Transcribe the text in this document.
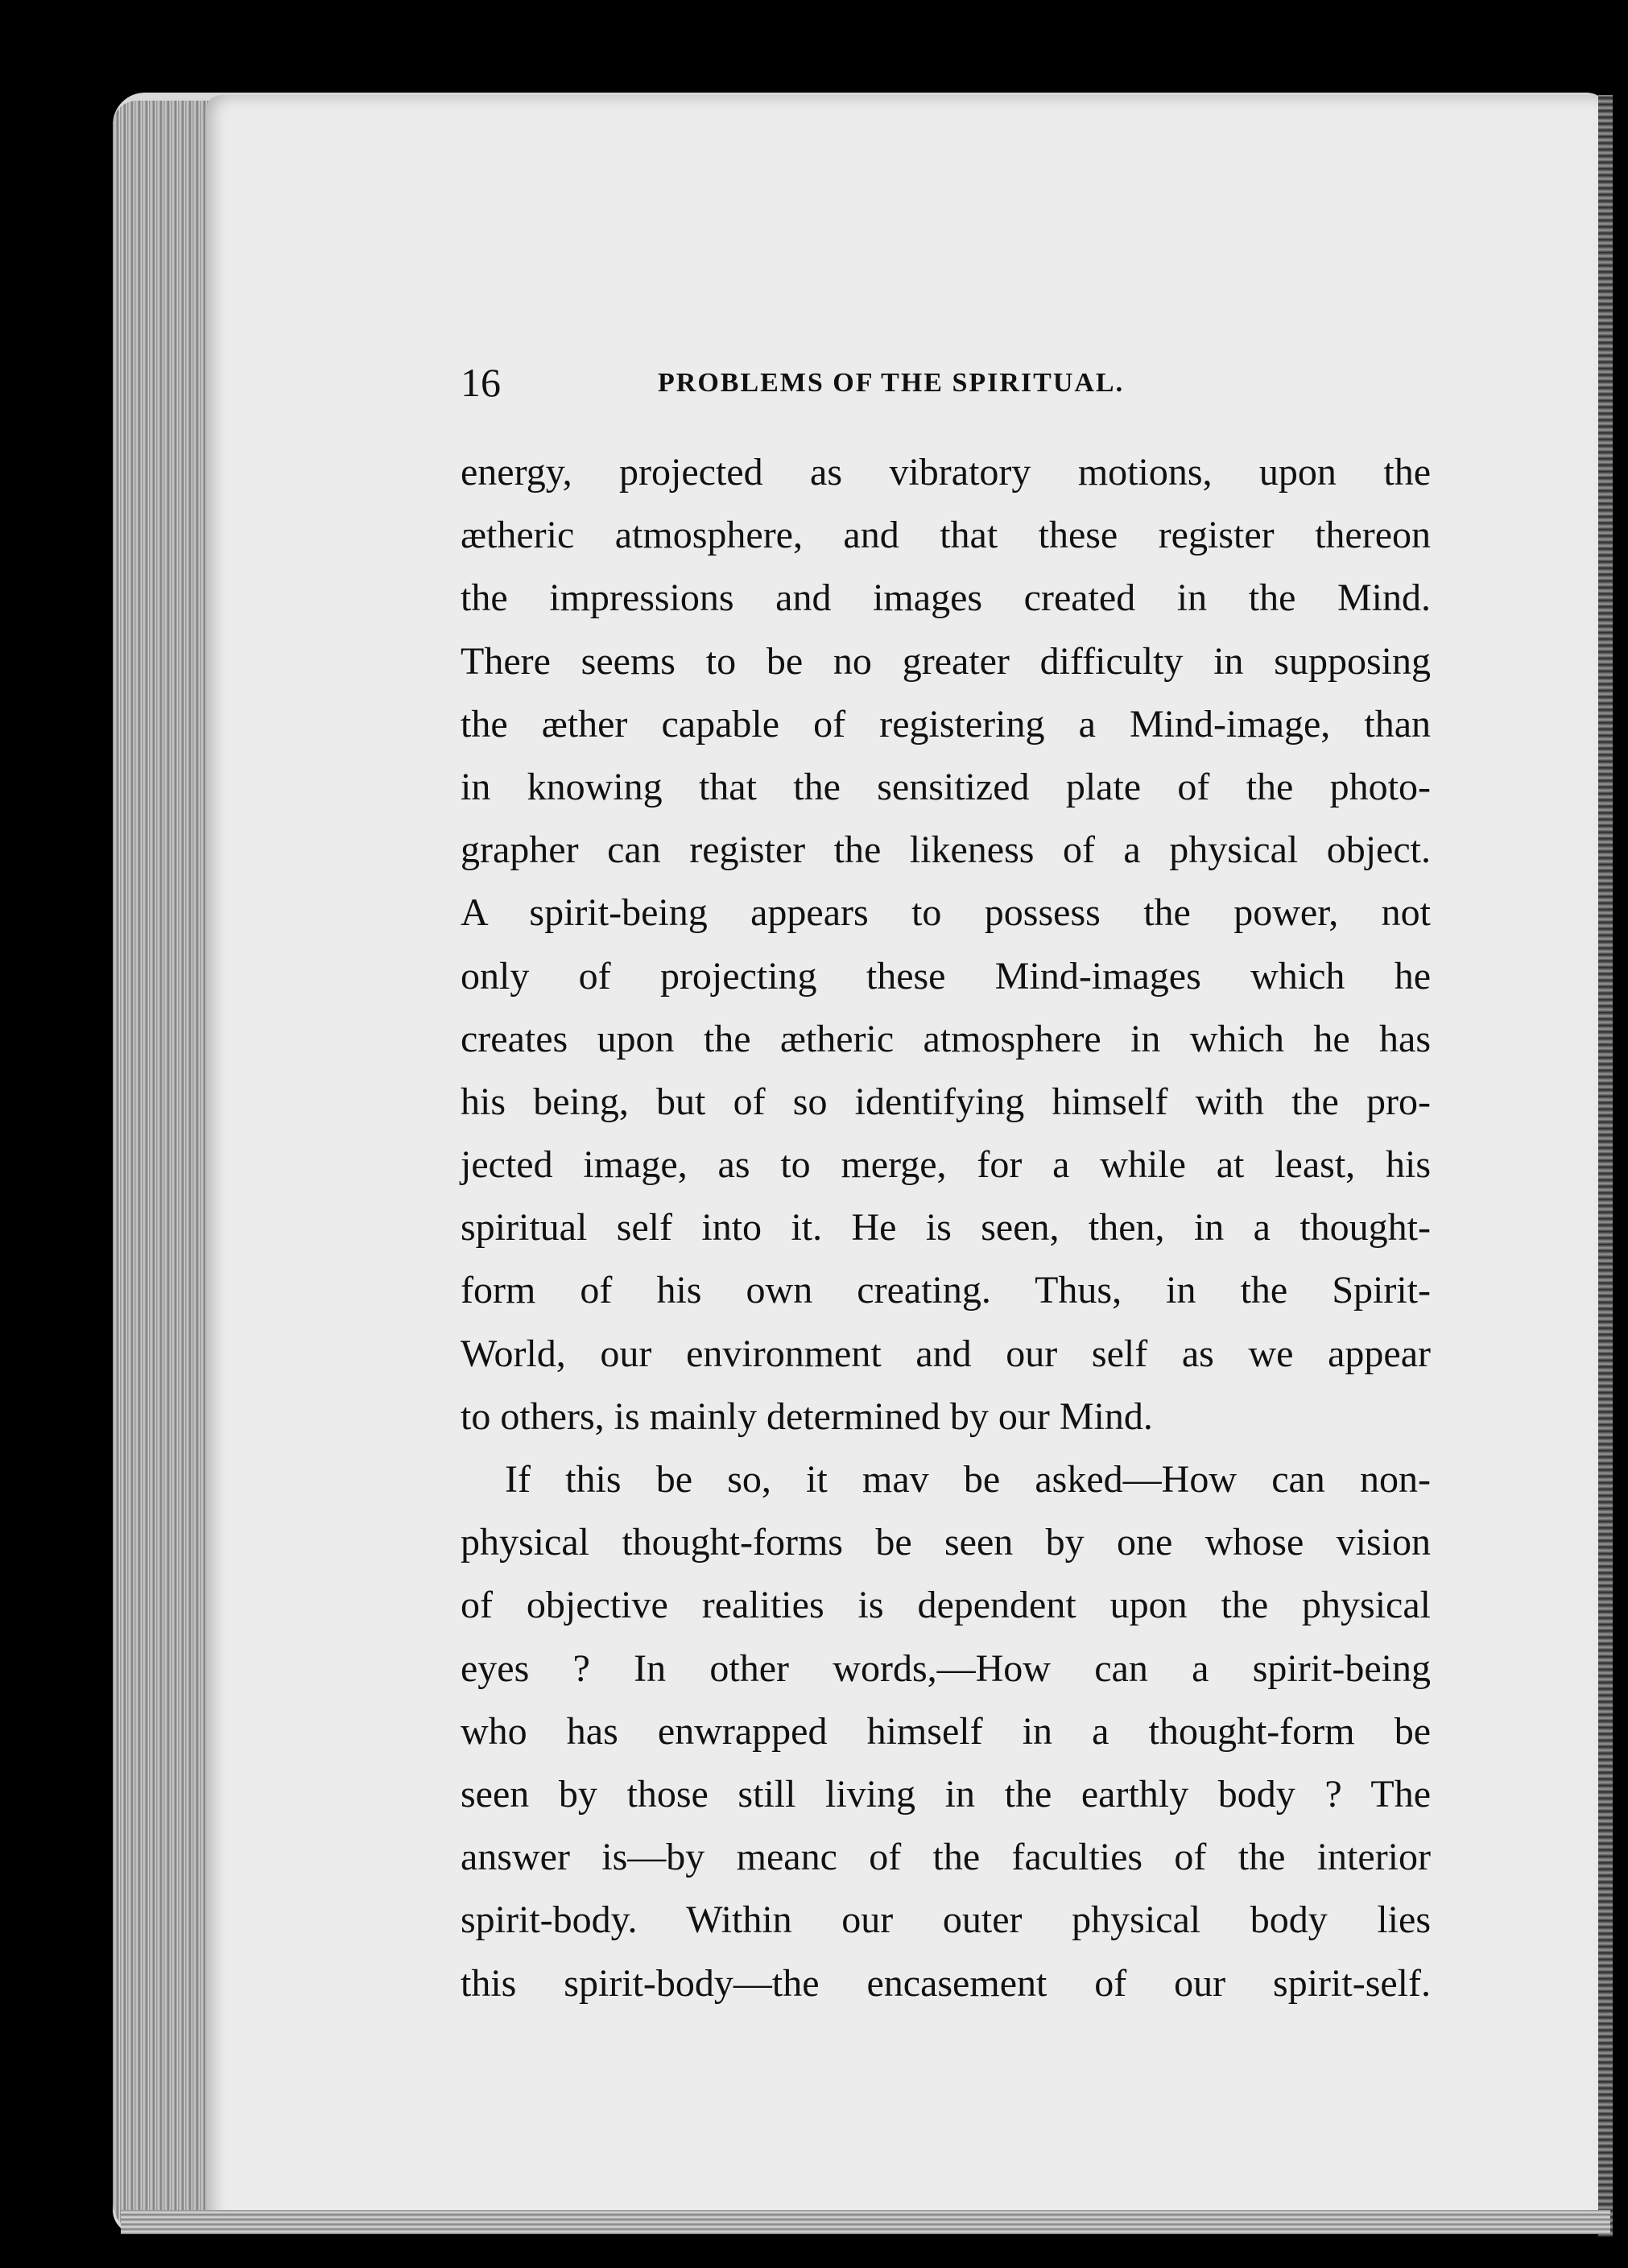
16	PROBLEMS OF THE SPIRITUAL.
energy, projected as vibratory motions, upon the
ætheric atmosphere, and that these register thereon
the impressions and images created in the Mind.
There seems to be no greater difficulty in supposing
the æther capable of registering a Mind-image, than
in knowing that the sensitized plate of the photo-
grapher can register the likeness of a physical object.
A spirit-being appears to possess the power, not
only of projecting these Mind-images which he
creates upon the ætheric atmosphere in which he has
his being, but of so identifying himself with the pro-
jected image, as to merge, for a while at least, his
spiritual self into it. He is seen, then, in a thought-
form of his own creating. Thus, in the Spirit-
World, our environment and our self as we appear
to others, is mainly determined by our Mind.
If this be so, it mav be asked—How can non-
physical thought-forms be seen by one whose vision
of objective realities is dependent upon the physical
eyes ? In other words,—How can a spirit-being
who has enwrapped himself in a thought-form be
seen by those still living in the earthly body ? The
answer is—by meanc of the faculties of the interior
spirit-body. Within our outer physical body lies
this spirit-body—the encasement of our spirit-self.
